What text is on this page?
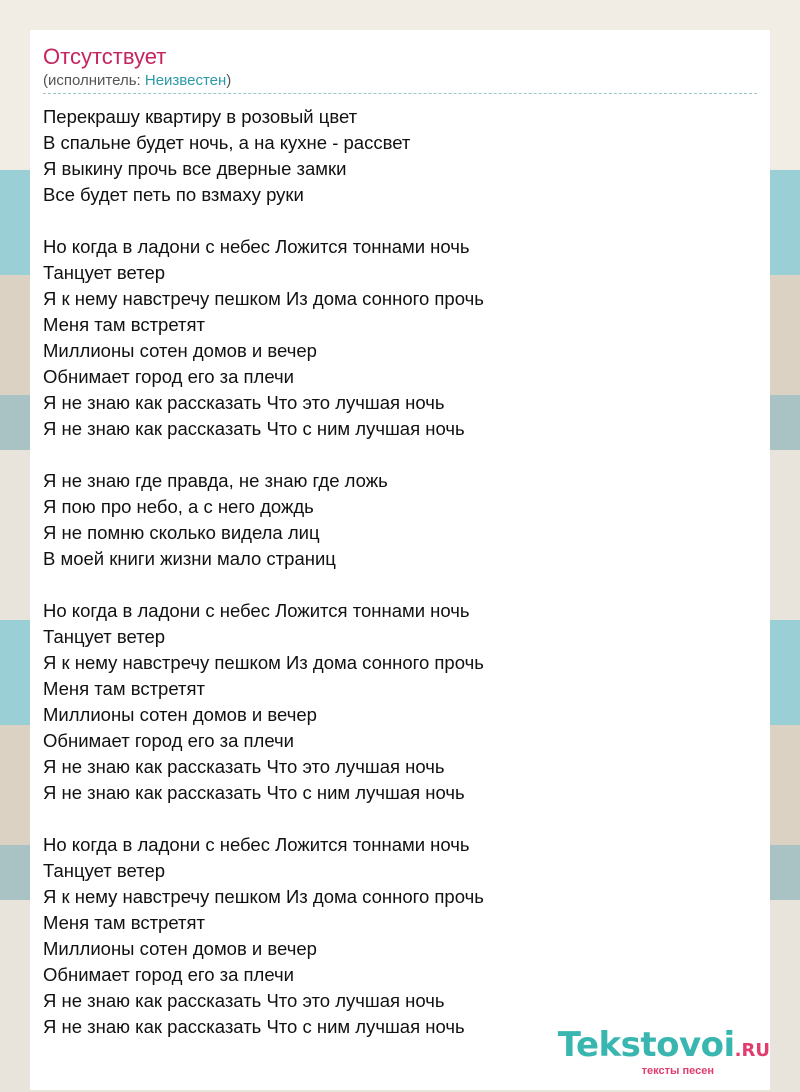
Отсутствует
(исполнитель: Неизвестен)
Перекрашу квартиру в розовый цвет
В спальне будет ночь, а на кухне - рассвет
Я выкину прочь все дверные замки
Все будет петь по взмаху руки
Но когда в ладони с небес Ложится тоннами ночь
Танцует ветер
Я к нему навстречу пешком Из дома сонного прочь
Меня там встретят
Миллионы сотен домов и вечер
Обнимает город его за плечи
Я не знаю как рассказать Что это лучшая ночь
Я не знаю как рассказать Что с ним лучшая ночь
Я не знаю где правда, не знаю где ложь
Я пою про небо, а с него дождь
Я не помню сколько видела лиц
В моей книги жизни мало страниц
Но когда в ладони с небес Ложится тоннами ночь
Танцует ветер
Я к нему навстречу пешком Из дома сонного прочь
Меня там встретят
Миллионы сотен домов и вечер
Обнимает город его за плечи
Я не знаю как рассказать Что это лучшая ночь
Я не знаю как рассказать Что с ним лучшая ночь
Но когда в ладони с небес Ложится тоннами ночь
Танцует ветер
Я к нему навстречу пешком Из дома сонного прочь
Меня там встретят
Миллионы сотен домов и вечер
Обнимает город его за плечи
Я не знаю как рассказать Что это лучшая ночь
Я не знаю как рассказать Что с ним лучшая ночь	Tekstovoi.RU
тексты песен
